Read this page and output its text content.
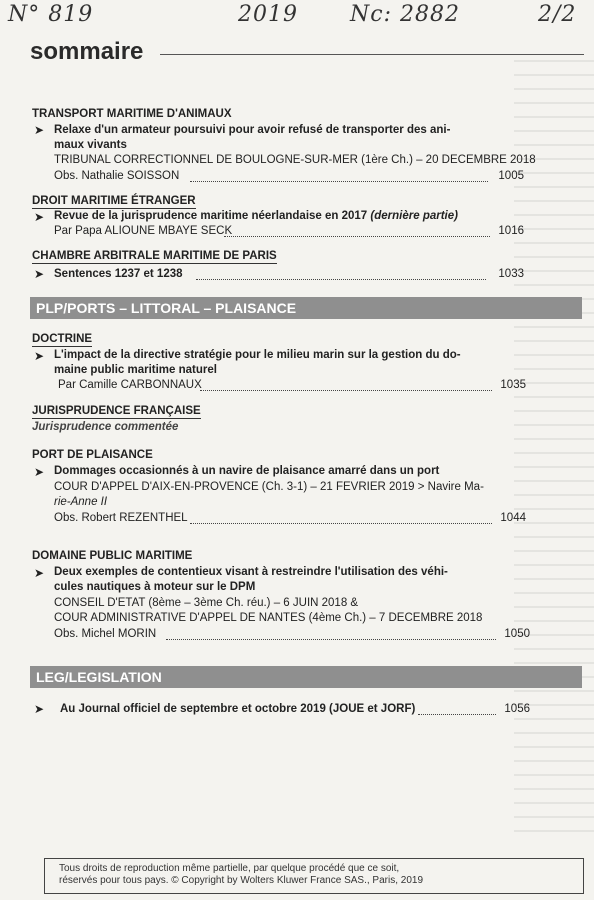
N° 819	2019 Nc: 2882	2/2
sommaire
TRANSPORT MARITIME D'ANIMAUX
➤ Relaxe d'un armateur poursuivi pour avoir refusé de transporter des ani-
maux vivants
TRIBUNAL CORRECTIONNEL DE BOULOGNE-SUR-MER (1ère Ch.) – 20 DECEMBRE 2018
Obs. Nathalie SOISSON	1005
DROIT MARITIME ÉTRANGER
➤ Revue de la jurisprudence maritime néerlandaise en 2017 (dernière partie)
Par Papa ALIOUNE MBAYE SECK	1016
CHAMBRE ARBITRALE MARITIME DE PARIS
➤ Sentences 1237 et 1238	1033
PLP/PORTS – LITTORAL – PLAISANCE
DOCTRINE
➤ L'impact de la directive stratégie pour le milieu marin sur la gestion du do-
maine public maritime naturel
Par Camille CARBONNAUX	1035
JURISPRUDENCE FRANÇAISE
Jurisprudence commentée
PORT DE PLAISANCE
➤ Dommages occasionnés à un navire de plaisance amarré dans un port
COUR D'APPEL D'AIX-EN-PROVENCE (Ch. 3-1) – 21 FEVRIER 2019 > Navire Ma-
rie-Anne II
Obs. Robert REZENTHEL	1044
DOMAINE PUBLIC MARITIME
➤ Deux exemples de contentieux visant à restreindre l'utilisation des véhi-
cules nautiques à moteur sur le DPM
CONSEIL D'ETAT (8ème – 3ème Ch. réu.) – 6 JUIN 2018 &
COUR ADMINISTRATIVE D'APPEL DE NANTES (4ème Ch.) – 7 DECEMBRE 2018
Obs. Michel MORIN	1050
LEG/LEGISLATION
➤ Au Journal officiel de septembre et octobre 2019 (JOUE et JORF)	1056
Tous droits de reproduction même partielle, par quelque procédé que ce soit,
réservés pour tous pays. © Copyright by Wolters Kluwer France SAS., Paris, 2019
